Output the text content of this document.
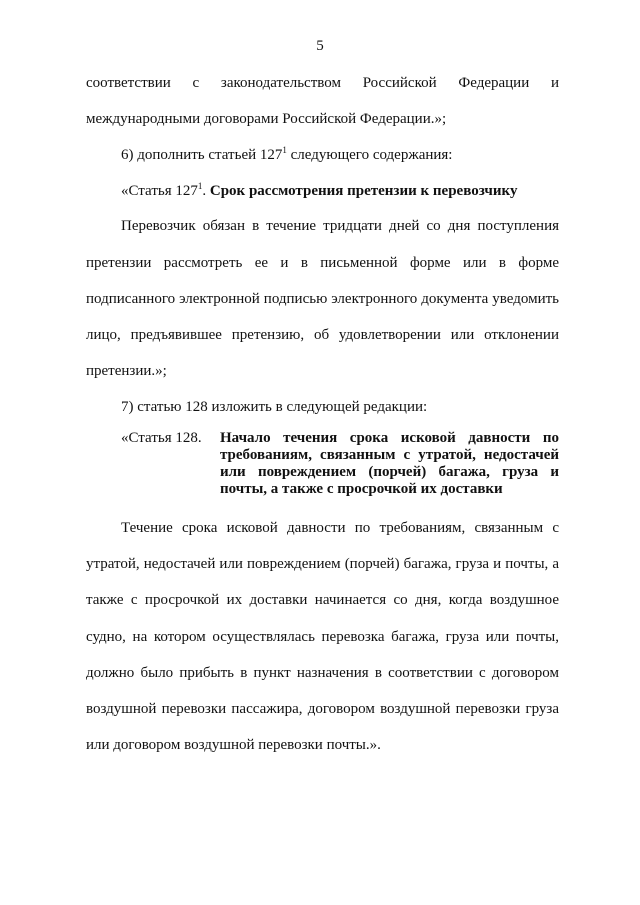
5
соответствии с законодательством Российской Федерации и
международными договорами Российской Федерации.»;
6) дополнить статьей $127^1$ следующего содержания:
«Статья $127^1$. Срок рассмотрения претензии к перевозчику
Перевозчик обязан в течение тридцати дней со дня поступления
претензии рассмотреть ее и в письменной форме или в форме
подписанного электронной подписью электронного документа уведомить
лицо, предъявившее претензию, об удовлетворении или отклонении
претензии.»;
7) статью 128 изложить в следующей редакции:
«Статья 128. Начало течения срока исковой давности по
требованиям, связанным с утратой, недостачей
или повреждением (порчей) багажа, груза и
почты, а также с просрочкой их доставки
Течение срока исковой давности по требованиям, связанным с
утратой, недостачей или повреждением (порчей) багажа, груза и почты, а
также с просрочкой их доставки начинается со дня, когда воздушное
судно, на котором осуществлялась перевозка багажа, груза или почты,
должно было прибыть в пункт назначения в соответствии с договором
воздушной перевозки пассажира, договором воздушной перевозки груза
или договором воздушной перевозки почты.».
